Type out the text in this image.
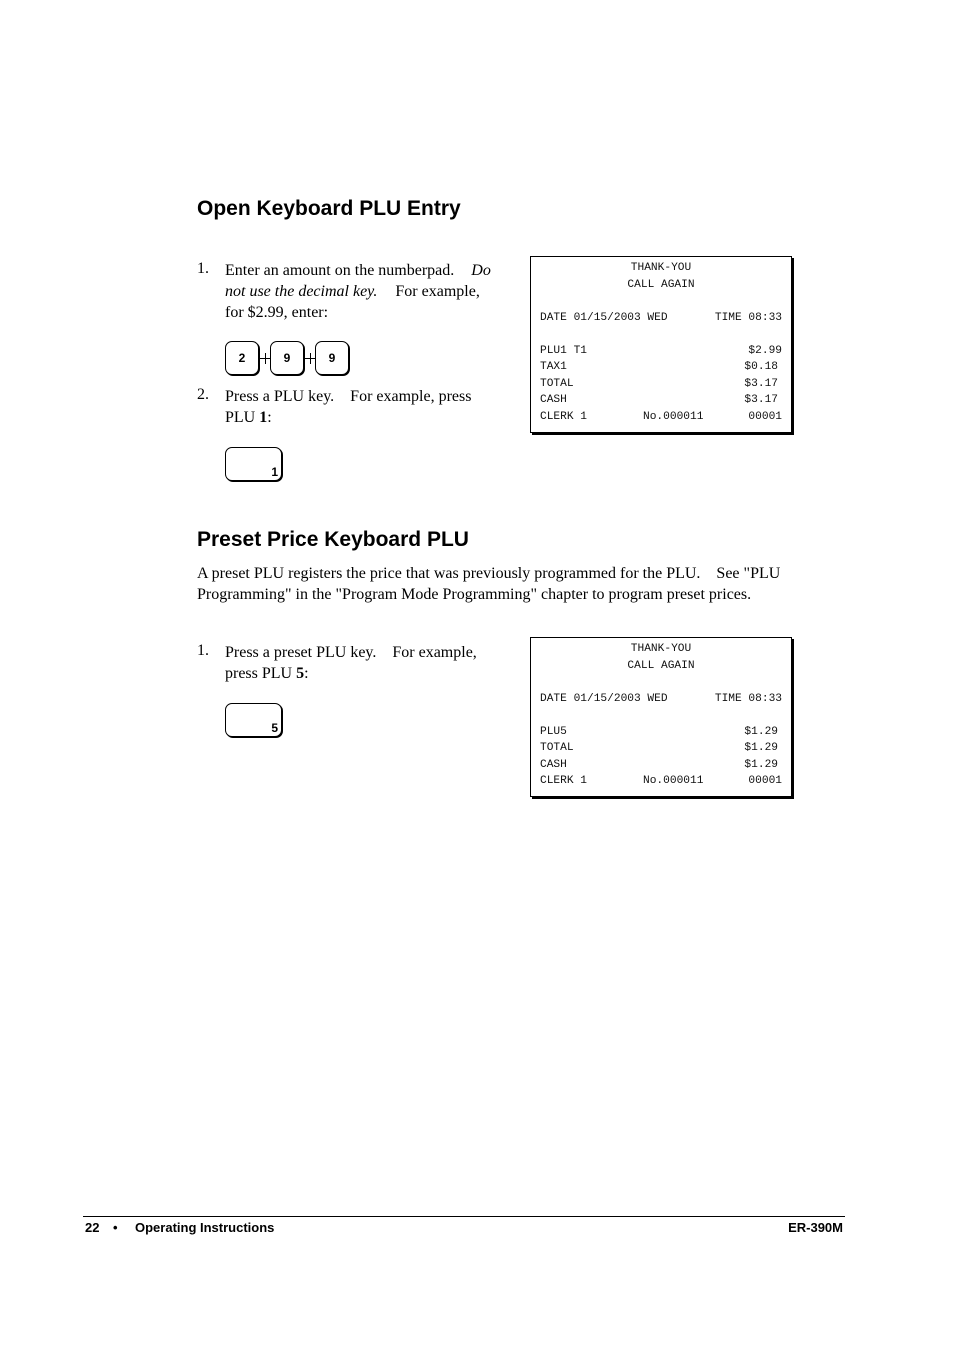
Open Keyboard PLU Entry
1. Enter an amount on the numberpad. Do
not use the decimal key. For example,
for $2.99, enter:
2	9	9
2. Press a PLU key.    For example, press
PLU 1:
1
THANK-YOU
CALL AGAIN
DATE 01/15/2003 WED	TIME 08:33
PLU1 T1	$2.99
TAX1	$0.18
TOTAL	$3.17
CASH	$3.17
CLERK 1	No.000011	00001
Preset Price Keyboard PLU
A preset PLU registers the price that was previously programmed for the PLU.    See "PLU
Programming" in the "Program Mode Programming" chapter to program preset prices.
1. Press a preset PLU key.    For example,
press PLU 5:
5
THANK-YOU
CALL AGAIN
DATE 01/15/2003 WED	TIME 08:33
PLU5	$1.29
TOTAL	$1.29
CASH	$1.29
CLERK 1	No.000011	00001
22 • Operating Instructions	ER-390M
